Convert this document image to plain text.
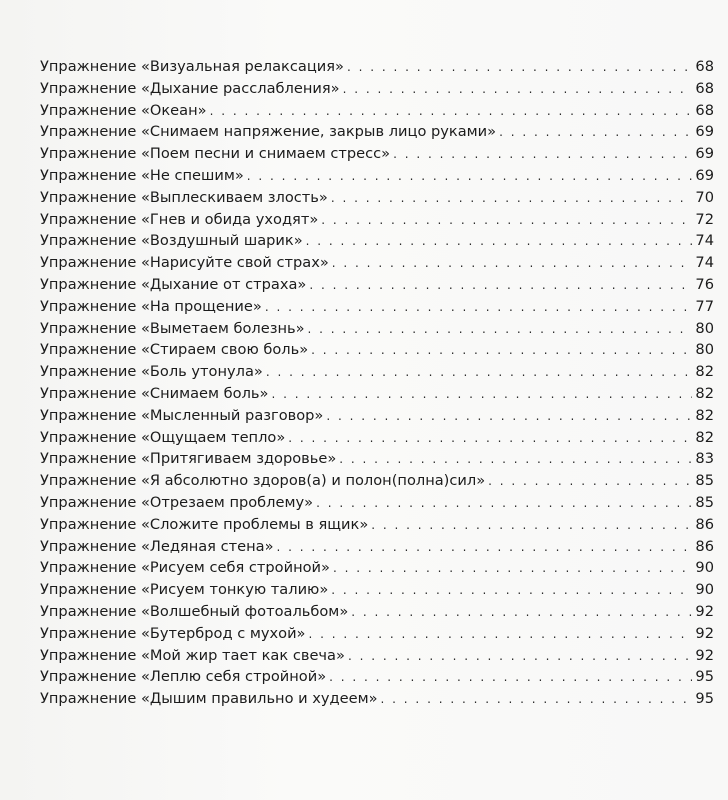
Упражнение «Визуальная релаксация» . . .	68
Упражнение «Дыхание расслабления» . . .	68
Упражнение «Океан» . . .	68
Упражнение «Снимаем напряжение, закрыв лицо руками» . . .	69
Упражнение «Поем песни и снимаем стресс» . . .	69
Упражнение «Не спешим» . . .	69
Упражнение «Выплескиваем злость» . . .	70
Упражнение «Гнев и обида уходят» . . .	72
Упражнение «Воздушный шарик» . . .	74
Упражнение «Нарисуйте свой страх» . . .	74
Упражнение «Дыхание от страха» . . .	76
Упражнение «На прощение» . . .	77
Упражнение «Выметаем болезнь» . . .	80
Упражнение «Стираем свою боль» . . .	80
Упражнение «Боль утонула» . . .	82
Упражнение «Снимаем боль» . . .	82
Упражнение «Мысленный разговор» . . .	82
Упражнение «Ощущаем тепло» . . .	82
Упражнение «Притягиваем здоровье» . . .	83
Упражнение «Я абсолютно здоров(а) и полон(полна)сил» . . .	85
Упражнение «Отрезаем проблему» . . .	85
Упражнение «Сложите проблемы в ящик» . . .	86
Упражнение «Ледяная стена» . . .	86
Упражнение «Рисуем себя стройной» . . .	90
Упражнение «Рисуем тонкую талию» . . .	90
Упражнение «Волшебный фотоальбом» . . .	92
Упражнение «Бутерброд с мухой» . . .	92
Упражнение «Мой жир тает как свеча» . . .	92
Упражнение «Леплю себя стройной» . . .	95
Упражнение «Дышим правильно и худеем» . . .	95
